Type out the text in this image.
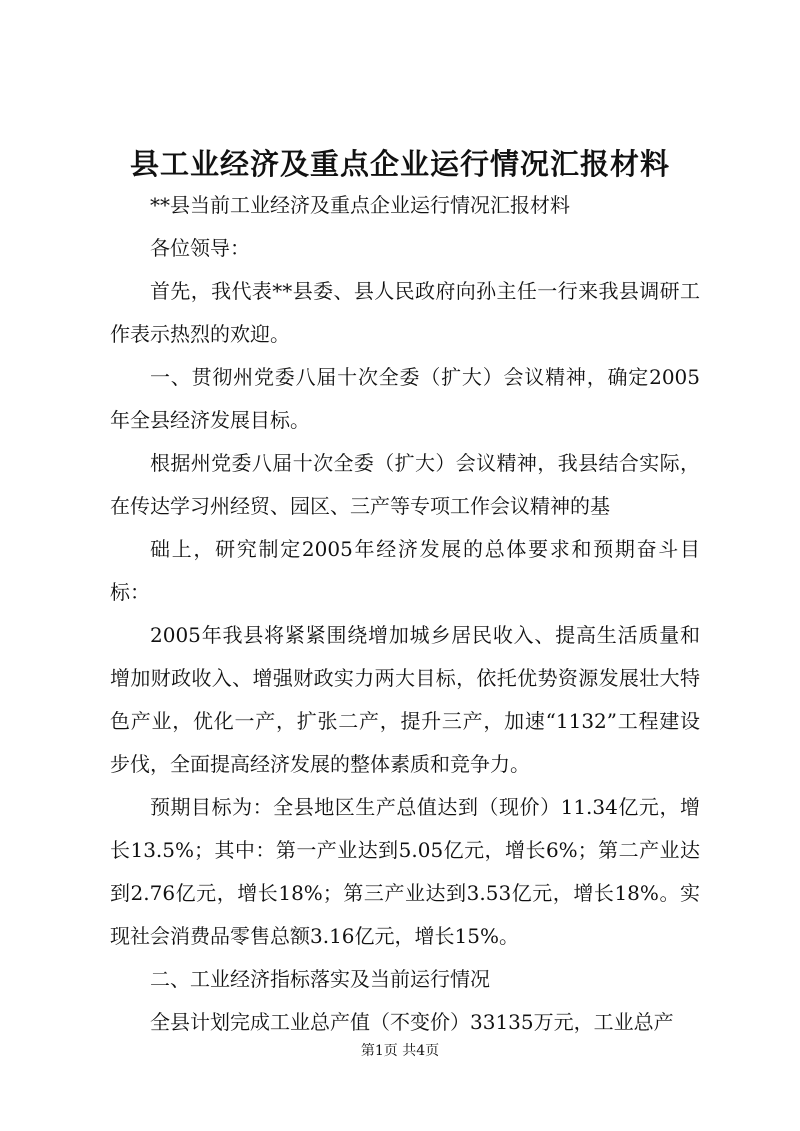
县工业经济及重点企业运行情况汇报材料

**县当前工业经济及重点企业运行情况汇报材料

各位领导：

首先，我代表**县委、县人民政府向孙主任一行来我县调研工作表示热烈的欢迎。

一、贯彻州党委八届十次全委（扩大）会议精神，确定2005年全县经济发展目标。

根据州党委八届十次全委（扩大）会议精神，我县结合实际，在传达学习州经贸、园区、三产等专项工作会议精神的基

础上，研究制定2005年经济发展的总体要求和预期奋斗目标：

2005年我县将紧紧围绕增加城乡居民收入、提高生活质量和增加财政收入、增强财政实力两大目标，依托优势资源发展壮大特色产业，优化一产，扩张二产，提升三产，加速“1132”工程建设步伐，全面提高经济发展的整体素质和竞争力。

预期目标为：全县地区生产总值达到（现价）11.34亿元，增长13.5%；其中：第一产业达到5.05亿元，增长6%；第二产业达到2.76亿元，增长18%；第三产业达到3.53亿元，增长18%。实现社会消费品零售总额3.16亿元，增长15%。

二、工业经济指标落实及当前运行情况

全县计划完成工业总产值（不变价）33135万元，工业总产

第1页 共4页
